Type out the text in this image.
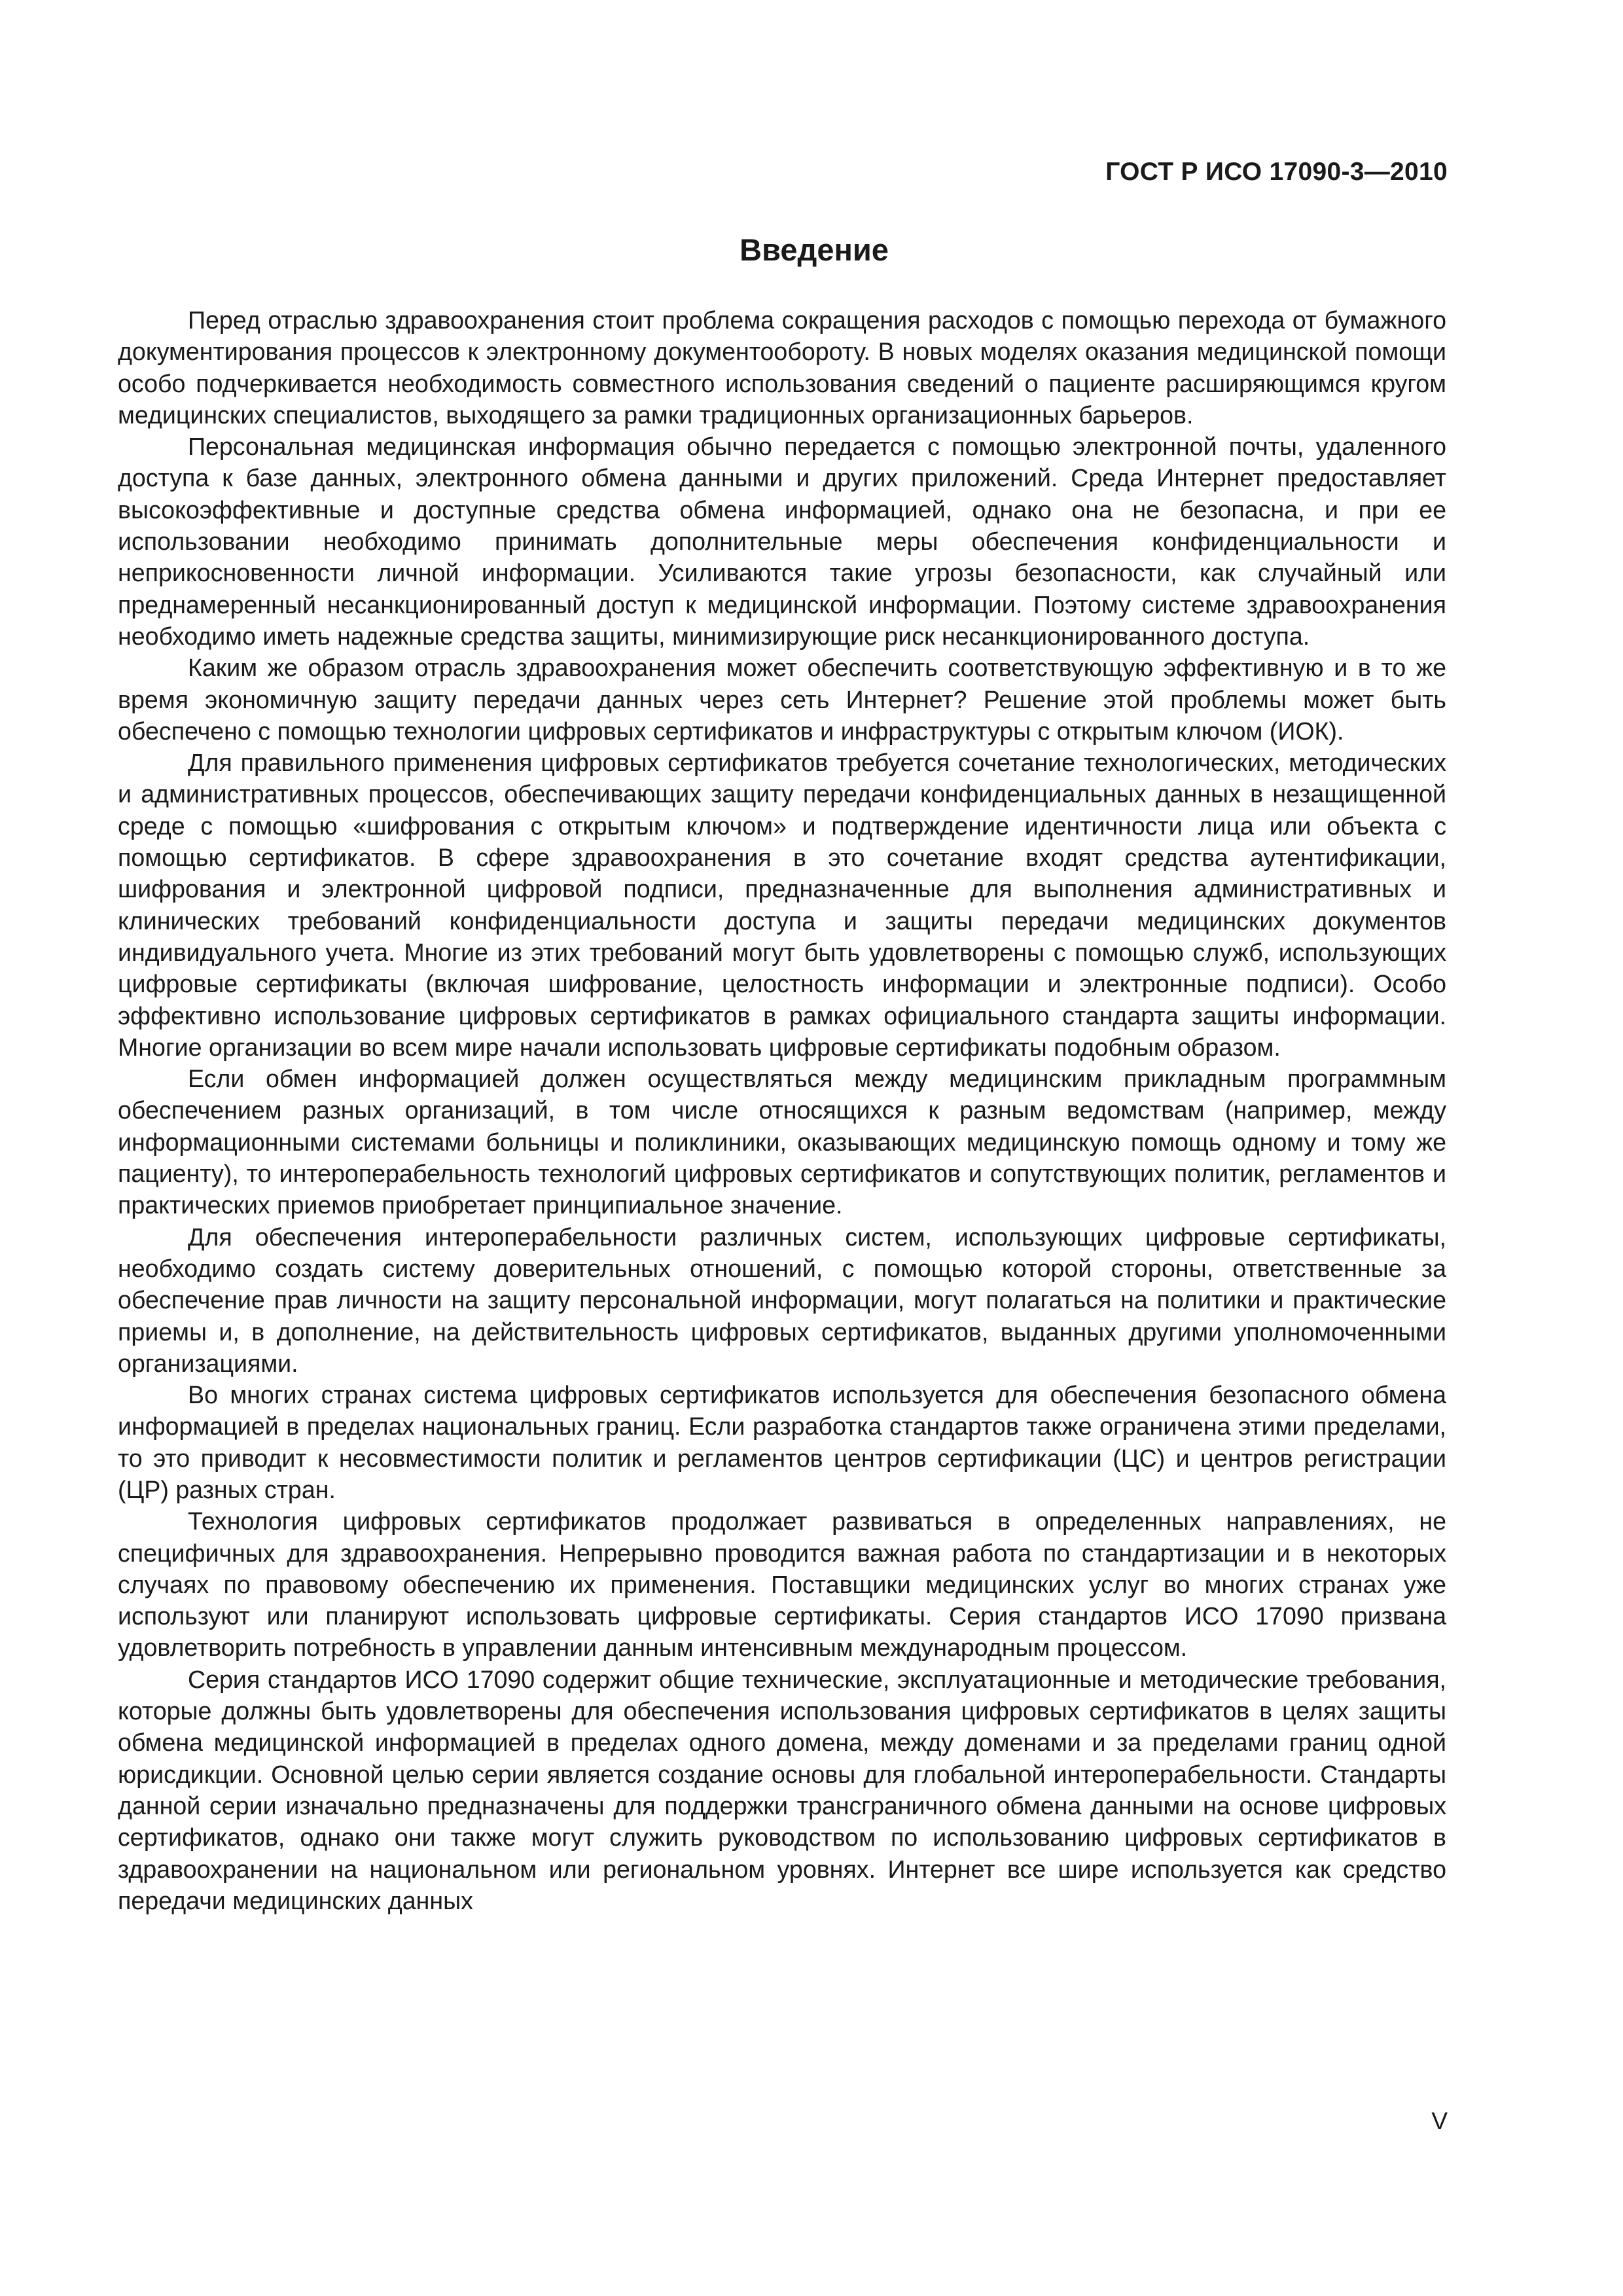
ГОСТ Р ИСО 17090-3—2010

Введение

Перед отраслью здравоохранения стоит проблема сокращения расходов с помощью перехода от бумажного документирования процессов к электронному документообороту. В новых моделях оказания медицинской помощи особо подчеркивается необходимость совместного использования сведений о пациенте расширяющимся кругом медицинских специалистов, выходящего за рамки традиционных организационных барьеров.

Персональная медицинская информация обычно передается с помощью электронной почты, удаленного доступа к базе данных, электронного обмена данными и других приложений. Среда Интернет предоставляет высокоэффективные и доступные средства обмена информацией, однако она не безопасна, и при ее использовании необходимо принимать дополнительные меры обеспечения конфиденциальности и неприкосновенности личной информации. Усиливаются такие угрозы безопасности, как случайный или преднамеренный несанкционированный доступ к медицинской информации. Поэтому системе здравоохранения необходимо иметь надежные средства защиты, минимизирующие риск несанкционированного доступа.

Каким же образом отрасль здравоохранения может обеспечить соответствующую эффективную и в то же время экономичную защиту передачи данных через сеть Интернет? Решение этой проблемы может быть обеспечено с помощью технологии цифровых сертификатов и инфраструктуры с открытым ключом (ИОК).

Для правильного применения цифровых сертификатов требуется сочетание технологических, методических и административных процессов, обеспечивающих защиту передачи конфиденциальных данных в незащищенной среде с помощью «шифрования с открытым ключом» и подтверждение идентичности лица или объекта с помощью сертификатов. В сфере здравоохранения в это сочетание входят средства аутентификации, шифрования и электронной цифровой подписи, предназначенные для выполнения административных и клинических требований конфиденциальности доступа и защиты передачи медицинских документов индивидуального учета. Многие из этих требований могут быть удовлетворены с помощью служб, использующих цифровые сертификаты (включая шифрование, целостность информации и электронные подписи). Особо эффективно использование цифровых сертификатов в рамках официального стандарта защиты информации. Многие организации во всем мире начали использовать цифровые сертификаты подобным образом.

Если обмен информацией должен осуществляться между медицинским прикладным программным обеспечением разных организаций, в том числе относящихся к разным ведомствам (например, между информационными системами больницы и поликлиники, оказывающих медицинскую помощь одному и тому же пациенту), то интероперабельность технологий цифровых сертификатов и сопутствующих политик, регламентов и практических приемов приобретает принципиальное значение.

Для обеспечения интероперабельности различных систем, использующих цифровые сертификаты, необходимо создать систему доверительных отношений, с помощью которой стороны, ответственные за обеспечение прав личности на защиту персональной информации, могут полагаться на политики и практические приемы и, в дополнение, на действительность цифровых сертификатов, выданных другими уполномоченными организациями.

Во многих странах система цифровых сертификатов используется для обеспечения безопасного обмена информацией в пределах национальных границ. Если разработка стандартов также ограничена этими пределами, то это приводит к несовместимости политик и регламентов центров сертификации (ЦС) и центров регистрации (ЦР) разных стран.

Технология цифровых сертификатов продолжает развиваться в определенных направлениях, не специфичных для здравоохранения. Непрерывно проводится важная работа по стандартизации и в некоторых случаях по правовому обеспечению их применения. Поставщики медицинских услуг во многих странах уже используют или планируют использовать цифровые сертификаты. Серия стандартов ИСО 17090 призвана удовлетворить потребность в управлении данным интенсивным международным процессом.

Серия стандартов ИСО 17090 содержит общие технические, эксплуатационные и методические требования, которые должны быть удовлетворены для обеспечения использования цифровых сертификатов в целях защиты обмена медицинской информацией в пределах одного домена, между доменами и за пределами границ одной юрисдикции. Основной целью серии является создание основы для глобальной интероперабельности. Стандарты данной серии изначально предназначены для поддержки трансграничного обмена данными на основе цифровых сертификатов, однако они также могут служить руководством по использованию цифровых сертификатов в здравоохранении на национальном или региональном уровнях. Интернет все шире используется как средство передачи медицинских данных

V
